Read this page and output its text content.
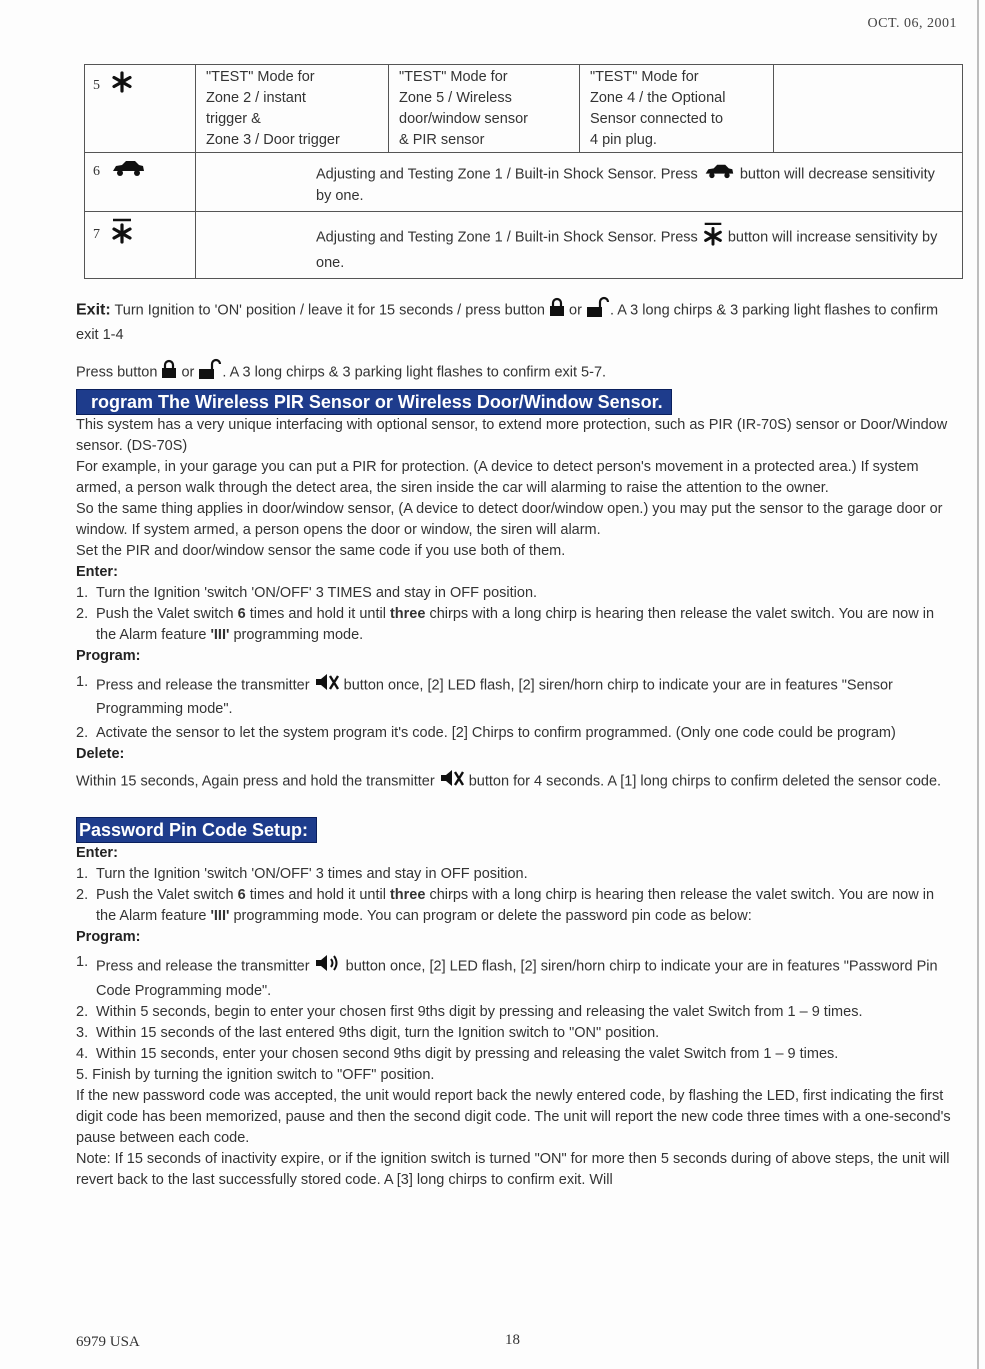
OCT. 06, 2001
5	"TEST" Mode for
Zone 2 / instant
trigger &
Zone 3 / Door trigger	"TEST" Mode for
Zone 5 / Wireless
door/window sensor
& PIR sensor	"TEST" Mode for
Zone 4 / the Optional
Sensor connected to
4 pin plug.	
6	Adjusting and Testing Zone 1 / Built-in Shock Sensor. Press  button will decrease sensitivity by one.			
7	Adjusting and Testing Zone 1 / Built-in Shock Sensor. Press  button will increase sensitivity by one.			

Exit: Turn Ignition to 'ON' position / leave it for 15 seconds / press button  or . A 3 long chirps & 3 parking light flashes to confirm exit 1-4

Press button  or . A 3 long chirps & 3 parking light flashes to confirm exit 5-7.

rogram The Wireless PIR Sensor or Wireless Door/Window Sensor.

This system has a very unique interfacing with optional sensor, to extend more protection, such as PIR (IR-70S) sensor or Door/Window sensor. (DS-70S)

For example, in your garage you can put a PIR for protection. (A device to detect person's movement in a protected area.) If system armed, a person walk through the detect area, the siren inside the car will alarming to raise the attention to the owner.

So the same thing applies in door/window sensor, (A device to detect door/window open.) you may put the sensor to the garage door or window. If system armed, a person opens the door or window, the siren will alarm.

Set the PIR and door/window sensor the same code if you use both of them.

Enter:

1. Turn the Ignition 'switch 'ON/OFF' 3 TIMES and stay in OFF position.
2. Push the Valet switch 6 times and hold it until three chirps with a long chirp is hearing then release the valet switch. You are now in the Alarm feature 'III' programming mode.

Program:

1. Press and release the transmitter  button once, [2] LED flash, [2] siren/horn chirp to indicate your are in features "Sensor Programming mode".
2. Activate the sensor to let the system program it's code. [2] Chirps to confirm programmed. (Only one code could be program)

Delete:

Within 15 seconds, Again press and hold the transmitter  button for 4 seconds. A [1] long chirps to confirm deleted the sensor code.

Password Pin Code Setup:

Enter:

1. Turn the Ignition 'switch 'ON/OFF' 3 times and stay in OFF position.
2. Push the Valet switch 6 times and hold it until three chirps with a long chirp is hearing then release the valet switch. You are now in the Alarm feature 'III' programming mode. You can program or delete the password pin code as below:

Program:

1. Press and release the transmitter  button once, [2] LED flash, [2] siren/horn chirp to indicate your are in features "Password Pin Code Programming mode".
2. Within 5 seconds, begin to enter your chosen first 9ths digit by pressing and releasing the valet Switch from 1 – 9 times.
3. Within 15 seconds of the last entered 9ths digit, turn the Ignition switch to "ON" position.
4. Within 15 seconds, enter your chosen second 9ths digit by pressing and releasing the valet Switch from 1 – 9 times.

5. Finish by turning the ignition switch to "OFF" position.

If the new password code was accepted, the unit would report back the newly entered code, by flashing the LED, first indicating the first digit code has been memorized, pause and then the second digit code. The unit will report the new code three times with a one-second's pause between each code.

Note: If 15 seconds of inactivity expire, or if the ignition switch is turned "ON" for more then 5 seconds during of above steps, the unit will revert back to the last successfully stored code. A [3] long chirps to confirm exit. Will

6979 USA	18
